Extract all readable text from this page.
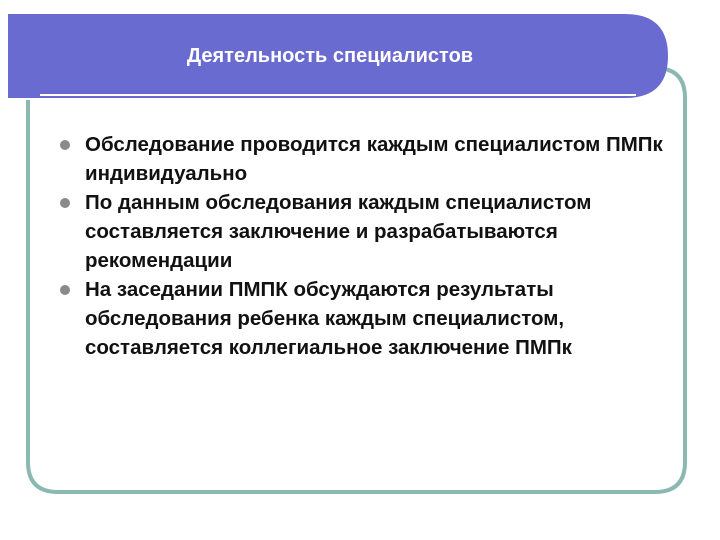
Деятельность специалистов
Обследование проводится каждым специалистом ПМПк индивидуально
По данным обследования каждым специалистом составляется заключение и разрабатываются рекомендации
На заседании ПМПК обсуждаются результаты обследования ребенка каждым специалистом, составляется коллегиальное заключение ПМПк
